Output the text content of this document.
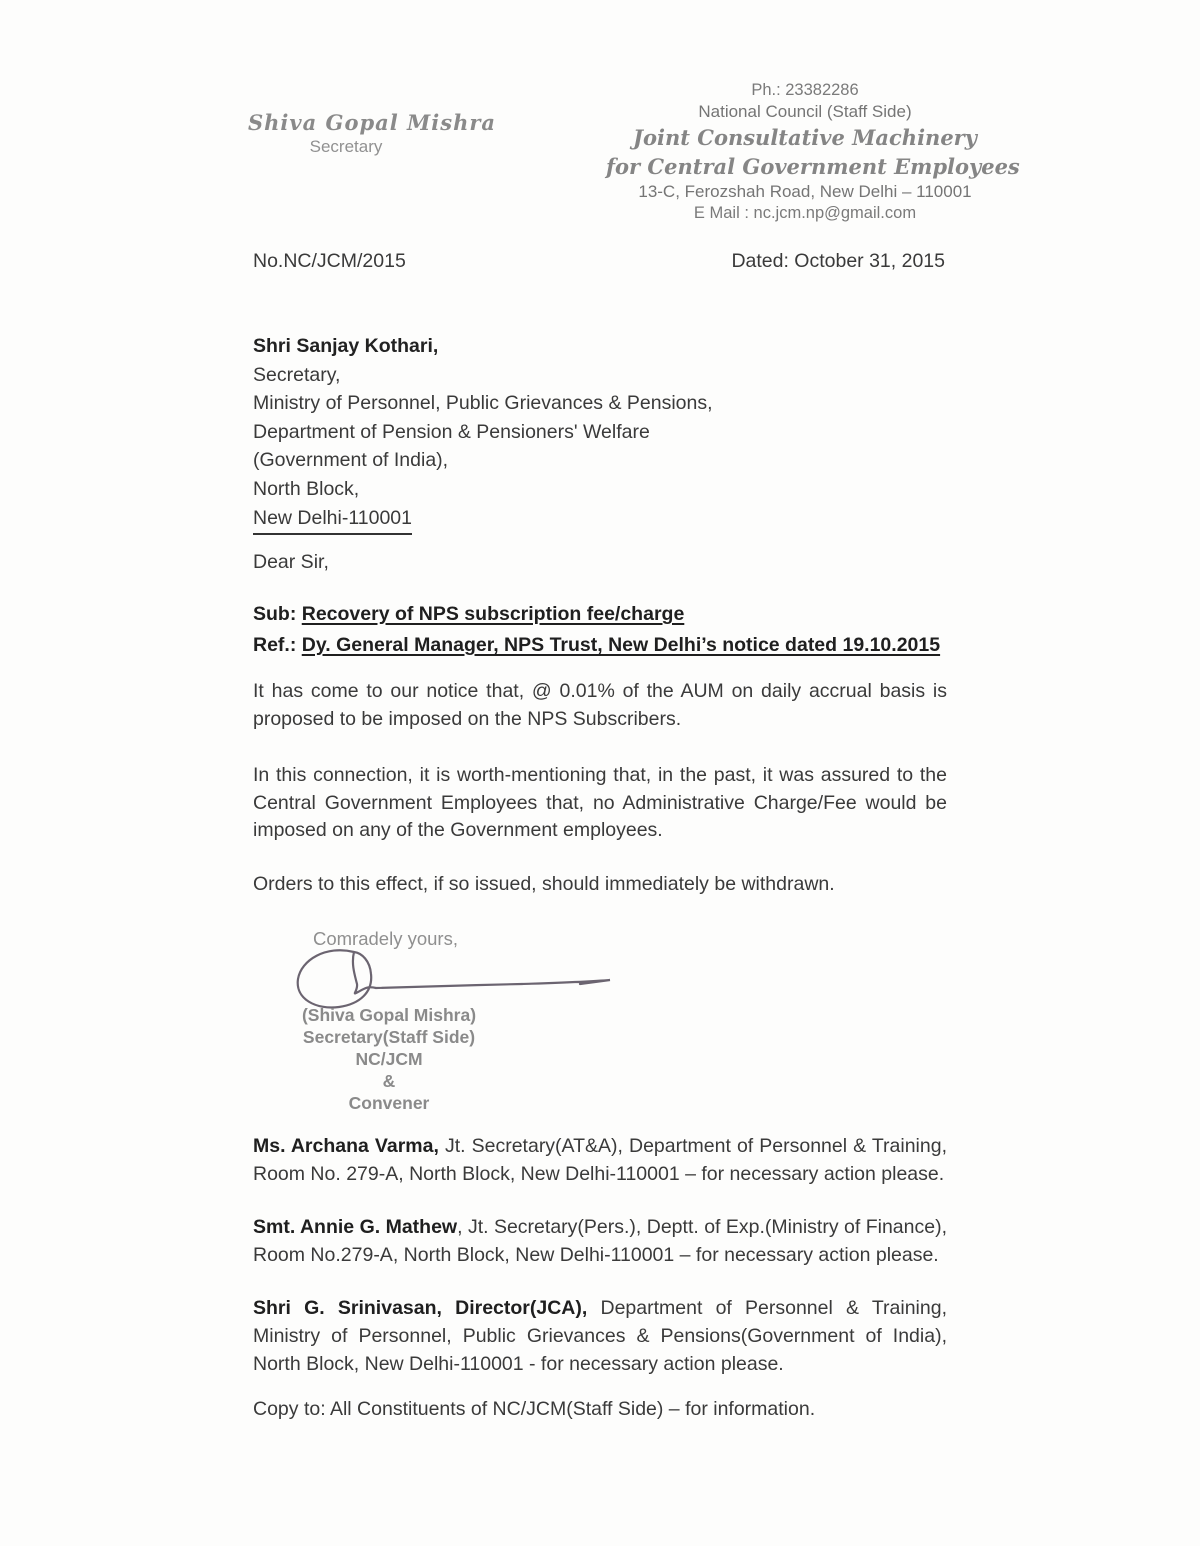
Shiva Gopal Mishra
Secretary
Ph.: 23382286
National Council (Staff Side)
Joint Consultative Machinery
for Central Government Employees
13-C, Ferozshah Road, New Delhi – 110001
E Mail : nc.jcm.np@gmail.com
No.NC/JCM/2015	Dated: October 31, 2015
Shri Sanjay Kothari,
Secretary,
Ministry of Personnel, Public Grievances & Pensions,
Department of Pension & Pensioners' Welfare
(Government of India),
North Block,
New Delhi-110001
Dear Sir,
Sub: Recovery of NPS subscription fee/charge
Ref.: Dy. General Manager, NPS Trust, New Delhi’s notice dated 19.10.2015
It has come to our notice that, @ 0.01% of the AUM on daily accrual basis is proposed to be imposed on the NPS Subscribers.
In this connection, it is worth-mentioning that, in the past, it was assured to the Central Government Employees that, no Administrative Charge/Fee would be imposed on any of the Government employees.
Orders to this effect, if so issued, should immediately be withdrawn.
Comradely yours,
(Shiva Gopal Mishra)
Secretary(Staff Side)
NC/JCM
&
Convener
Ms. Archana Varma, Jt. Secretary(AT&A), Department of Personnel & Training, Room No. 279-A, North Block, New Delhi-110001 – for necessary action please.
Smt. Annie G. Mathew, Jt. Secretary(Pers.), Deptt. of Exp.(Ministry of Finance), Room No.279-A, North Block, New Delhi-110001 – for necessary action please.
Shri G. Srinivasan, Director(JCA), Department of Personnel & Training, Ministry of Personnel, Public Grievances & Pensions(Government of India), North Block, New Delhi-110001 - for necessary action please.
Copy to: All Constituents of NC/JCM(Staff Side) – for information.
